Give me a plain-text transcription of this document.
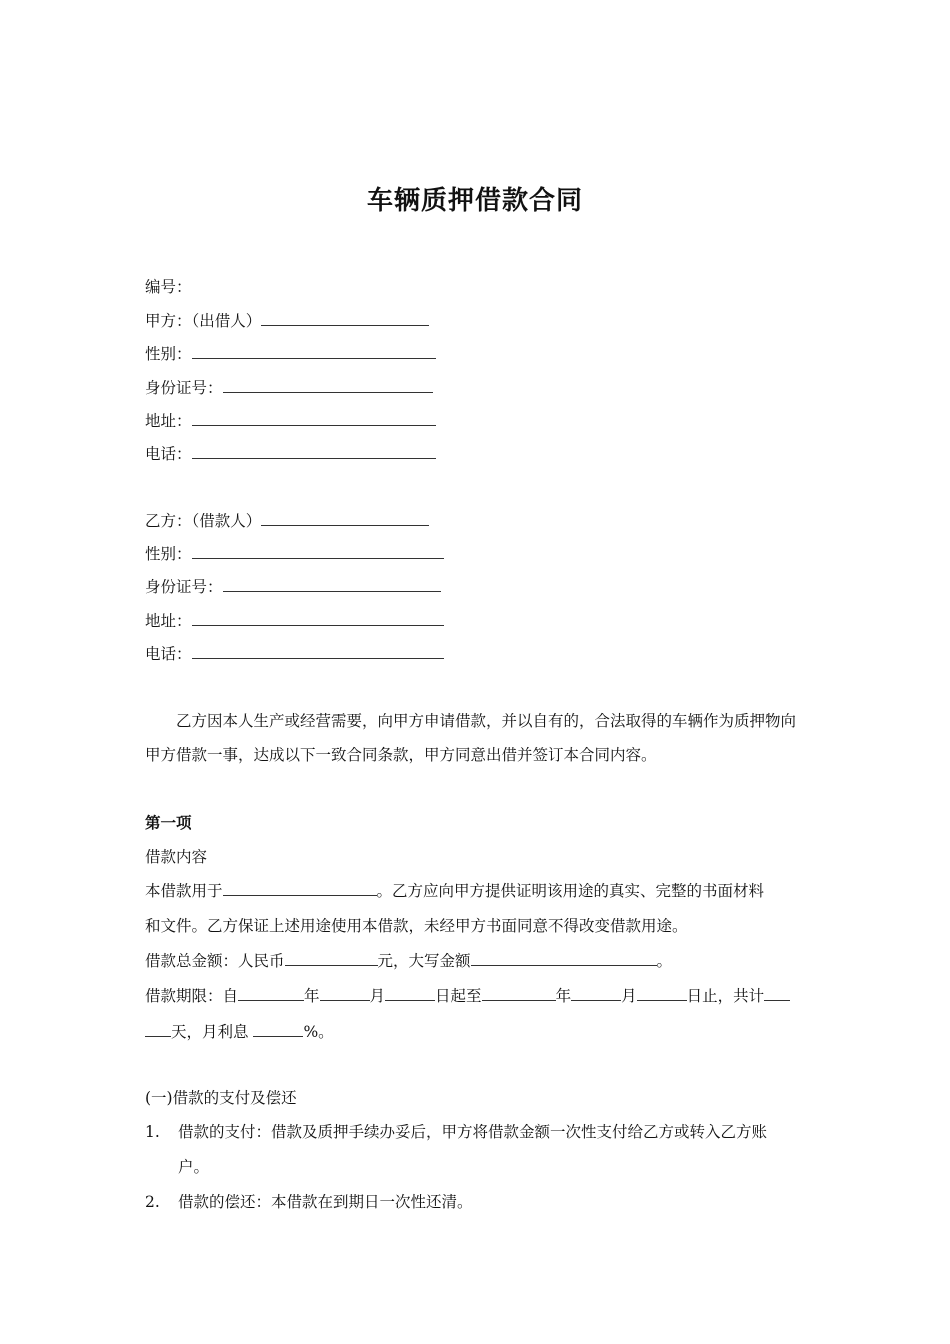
车辆质押借款合同
编号：
甲方：（出借人）
性别：
身份证号：
地址：
电话：
乙方：（借款人）
性别：
身份证号：
地址：
电话：
乙方因本人生产或经营需要，向甲方申请借款，并以自有的，合法取得的车辆作为质押物向甲方借款一事，达成以下一致合同条款，甲方同意出借并签订本合同内容。
第一项
借款内容
本借款用于	。乙方应向甲方提供证明该用途的真实、完整的书面材料
和文件。乙方保证上述用途使用本借款，未经甲方书面同意不得改变借款用途。
借款总金额：人民币	元，大写金额	。
借款期限：自	年	月	日起至	年	月	日止，共计
天，月利息	%。
(一)借款的支付及偿还
1. 借款的支付：借款及质押手续办妥后，甲方将借款金额一次性支付给乙方或转入乙方账
户。
2. 借款的偿还：本借款在到期日一次性还清。
